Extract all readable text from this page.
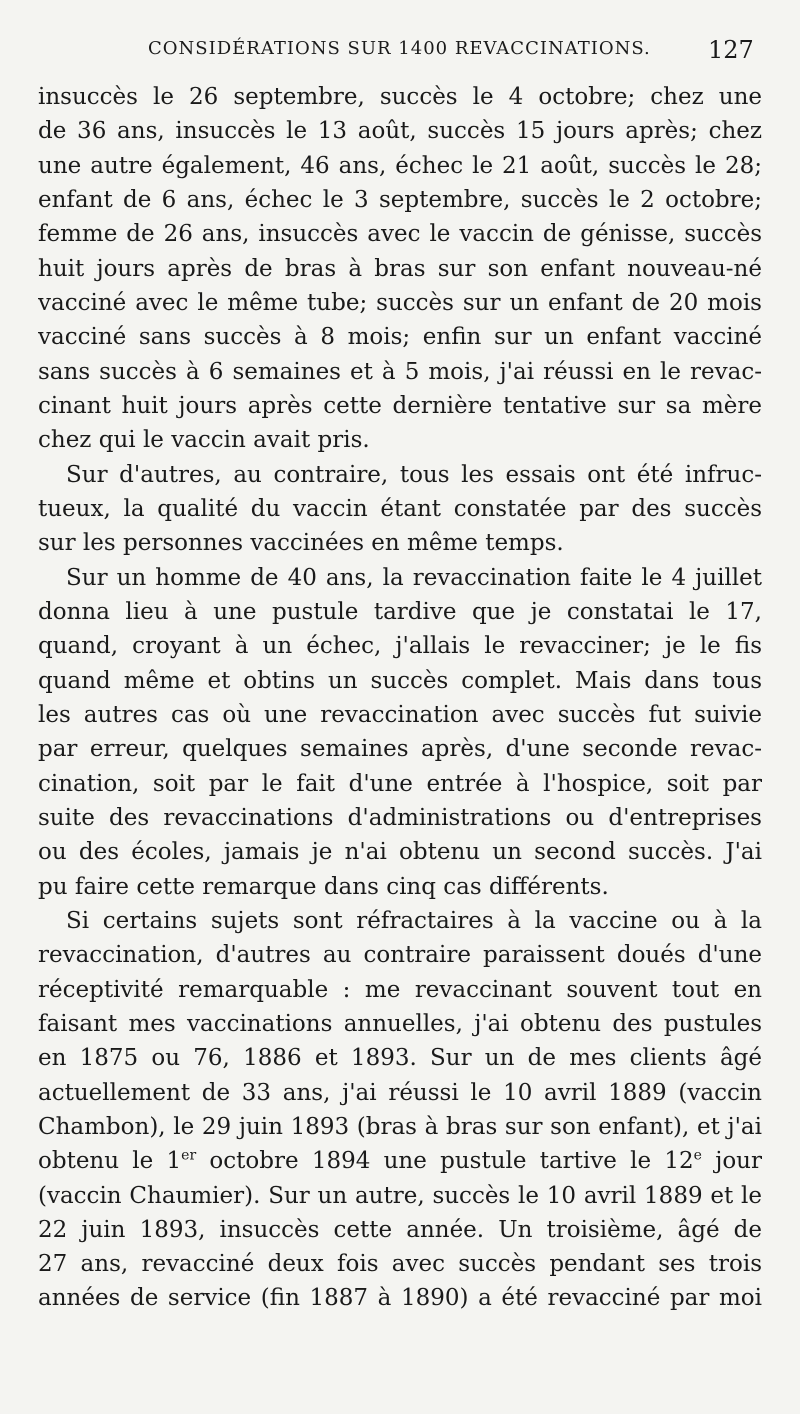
CONSIDÉRATIONS SUR 1400 REVACCINATIONS. 127
insuccès le 26 septembre, succès le 4 octobre; chez une
de 36 ans, insuccès le 13 août, succès 15 jours après; chez
une autre également, 46 ans, échec le 21 août, succès le 28;
enfant de 6 ans, échec le 3 septembre, succès le 2 octobre;
femme de 26 ans, insuccès avec le vaccin de génisse, succès
huit jours après de bras à bras sur son enfant nouveau-né
vacciné avec le même tube; succès sur un enfant de 20 mois
vacciné sans succès à 8 mois; enfin sur un enfant vacciné
sans succès à 6 semaines et à 5 mois, j'ai réussi en le revac-
cinant huit jours après cette dernière tentative sur sa mère
chez qui le vaccin avait pris.
Sur d'autres, au contraire, tous les essais ont été infruc-
tueux, la qualité du vaccin étant constatée par des succès
sur les personnes vaccinées en même temps.
Sur un homme de 40 ans, la revaccination faite le 4 juillet
donna lieu à une pustule tardive que je constatai le 17,
quand, croyant à un échec, j'allais le revacciner; je le fis
quand même et obtins un succès complet. Mais dans tous
les autres cas où une revaccination avec succès fut suivie
par erreur, quelques semaines après, d'une seconde revac-
cination, soit par le fait d'une entrée à l'hospice, soit par
suite des revaccinations d'administrations ou d'entreprises
ou des écoles, jamais je n'ai obtenu un second succès. J'ai
pu faire cette remarque dans cinq cas différents.
Si certains sujets sont réfractaires à la vaccine ou à la
revaccination, d'autres au contraire paraissent doués d'une
réceptivité remarquable : me revaccinant souvent tout en
faisant mes vaccinations annuelles, j'ai obtenu des pustules
en 1875 ou 76, 1886 et 1893. Sur un de mes clients âgé
actuellement de 33 ans, j'ai réussi le 10 avril 1889 (vaccin
Chambon), le 29 juin 1893 (bras à bras sur son enfant), et j'ai
obtenu le 1er octobre 1894 une pustule tartive le 12e jour
(vaccin Chaumier). Sur un autre, succès le 10 avril 1889 et le
22 juin 1893, insuccès cette année. Un troisième, âgé de
27 ans, revacciné deux fois avec succès pendant ses trois
années de service (fin 1887 à 1890) a été revacciné par moi
